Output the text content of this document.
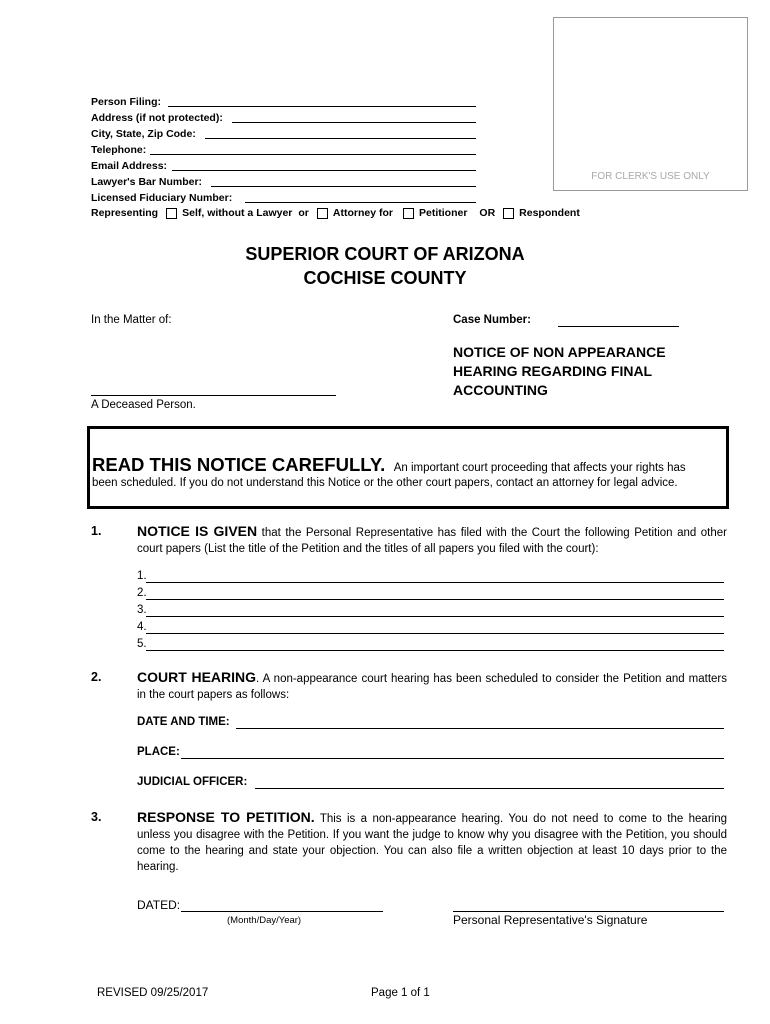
FOR CLERK'S USE ONLY
Person Filing:
Address (if not protected):
City, State, Zip Code:
Telephone:
Email Address:
Lawyer's Bar Number:
Licensed Fiduciary Number:
Representing Self, without a Lawyer or Attorney for Petitioner OR Respondent
SUPERIOR COURT OF ARIZONA
COCHISE COUNTY
In the Matter of:	Case Number:
NOTICE OF NON APPEARANCE HEARING REGARDING FINAL ACCOUNTING
A Deceased Person.
READ THIS NOTICE CAREFULLY. An important court proceeding that affects your rights has
been scheduled. If you do not understand this Notice or the other court papers, contact an attorney for legal advice.
1.	NOTICE IS GIVEN that the Personal Representative has filed with the Court the following Petition and other court papers (List the title of the Petition and the titles of all papers you filed with the court):
1.
2.
3.
4.
5.
2.	COURT HEARING. A non-appearance court hearing has been scheduled to consider the Petition and matters in the court papers as follows:
DATE AND TIME:
PLACE:
JUDICIAL OFFICER:
3.	RESPONSE TO PETITION. This is a non-appearance hearing. You do not need to come to the hearing unless you disagree with the Petition. If you want the judge to know why you disagree with the Petition, you should come to the hearing and state your objection. You can also file a written objection at least 10 days prior to the hearing.
DATED:
(Month/Day/Year)	Personal Representative's Signature
REVISED 09/25/2017	Page 1 of 1
